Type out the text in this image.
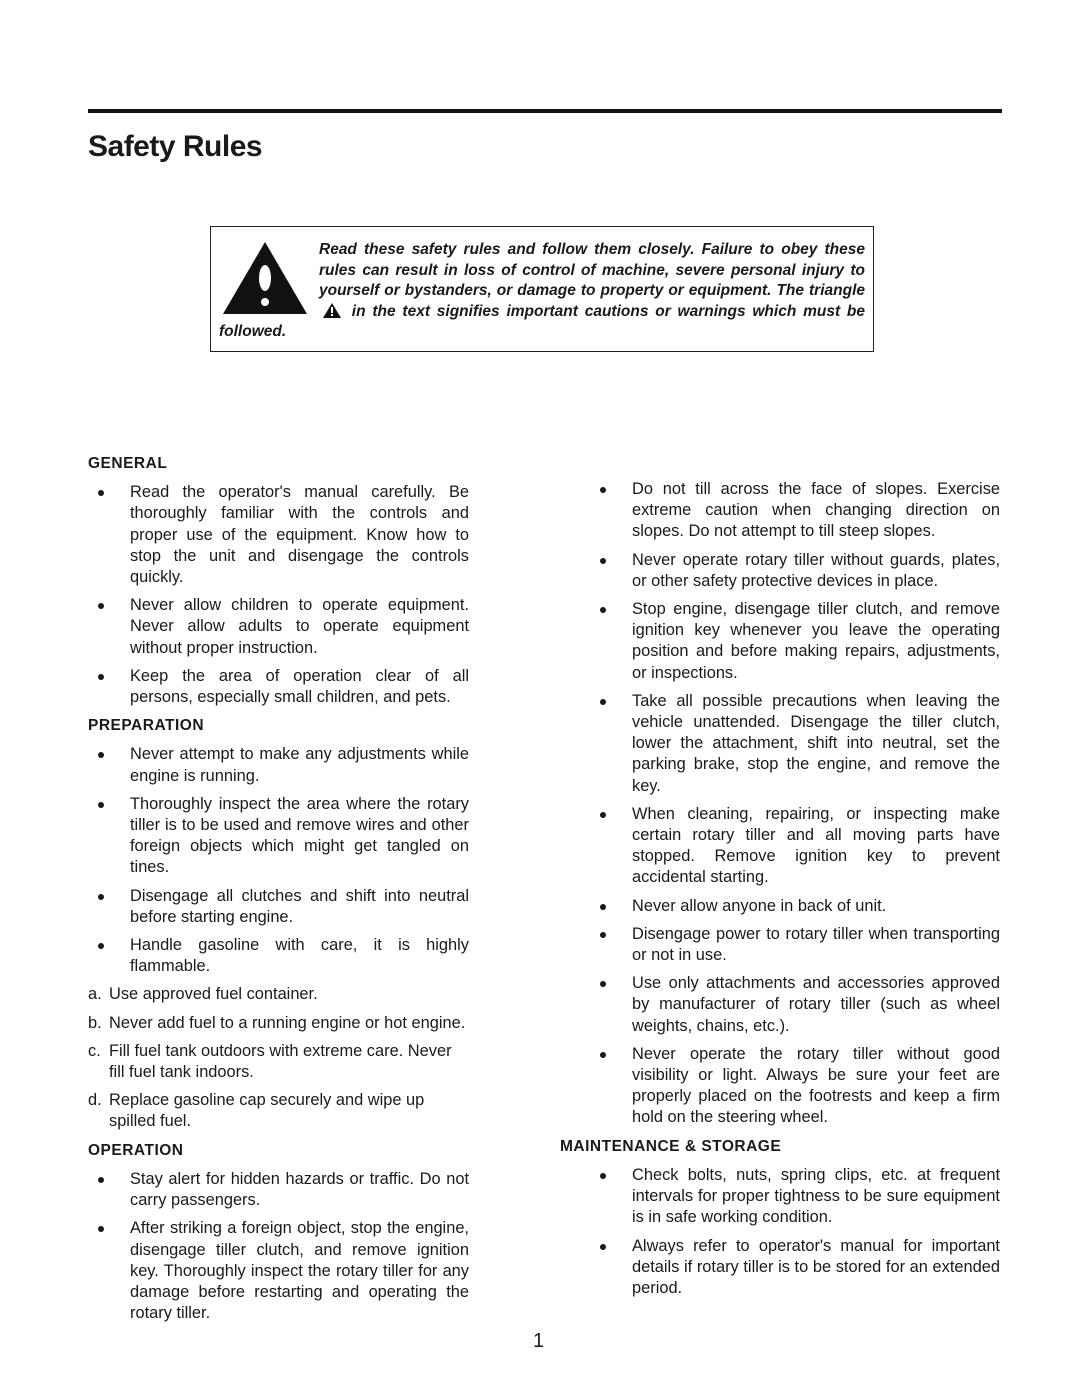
Safety Rules

Read these safety rules and follow them closely. Failure to obey these rules can result in loss of control of machine, severe personal injury to yourself or bystanders, or damage to property or equipment. The triangle  in the text signifies important cautions or warnings which must be followed.

GENERAL
Read the operator's manual carefully. Be thoroughly familiar with the controls and proper use of the equipment. Know how to stop the unit and disengage the controls quickly.
Never allow children to operate equipment. Never allow adults to operate equipment without proper instruction.
Keep the area of operation clear of all persons, especially small children, and pets.
PREPARATION
Never attempt to make any adjustments while engine is running.
Thoroughly inspect the area where the rotary tiller is to be used and remove wires and other foreign objects which might get tangled on tines.
Disengage all clutches and shift into neutral before starting engine.
Handle gasoline with care, it is highly flammable.
a. Use approved fuel container.
b. Never add fuel to a running engine or hot engine.
c. Fill fuel tank outdoors with extreme care. Never fill fuel tank indoors.
d. Replace gasoline cap securely and wipe up spilled fuel.
OPERATION
Stay alert for hidden hazards or traffic. Do not carry passengers.
After striking a foreign object, stop the engine, disengage tiller clutch, and remove ignition key. Thoroughly inspect the rotary tiller for any damage before restarting and operating the rotary tiller.
Do not till across the face of slopes. Exercise extreme caution when changing direction on slopes. Do not attempt to till steep slopes.
Never operate rotary tiller without guards, plates, or other safety protective devices in place.
Stop engine, disengage tiller clutch, and remove ignition key whenever you leave the operating position and before making repairs, adjustments, or inspections.
Take all possible precautions when leaving the vehicle unattended. Disengage the tiller clutch, lower the attachment, shift into neutral, set the parking brake, stop the engine, and remove the key.
When cleaning, repairing, or inspecting make certain rotary tiller and all moving parts have stopped. Remove ignition key to prevent accidental starting.
Never allow anyone in back of unit.
Disengage power to rotary tiller when transporting or not in use.
Use only attachments and accessories approved by manufacturer of rotary tiller (such as wheel weights, chains, etc.).
Never operate the rotary tiller without good visibility or light. Always be sure your feet are properly placed on the footrests and keep a firm hold on the steering wheel.
MAINTENANCE & STORAGE
Check bolts, nuts, spring clips, etc. at frequent intervals for proper tightness to be sure equipment is in safe working condition.
Always refer to operator's manual for important details if rotary tiller is to be stored for an extended period.
1
